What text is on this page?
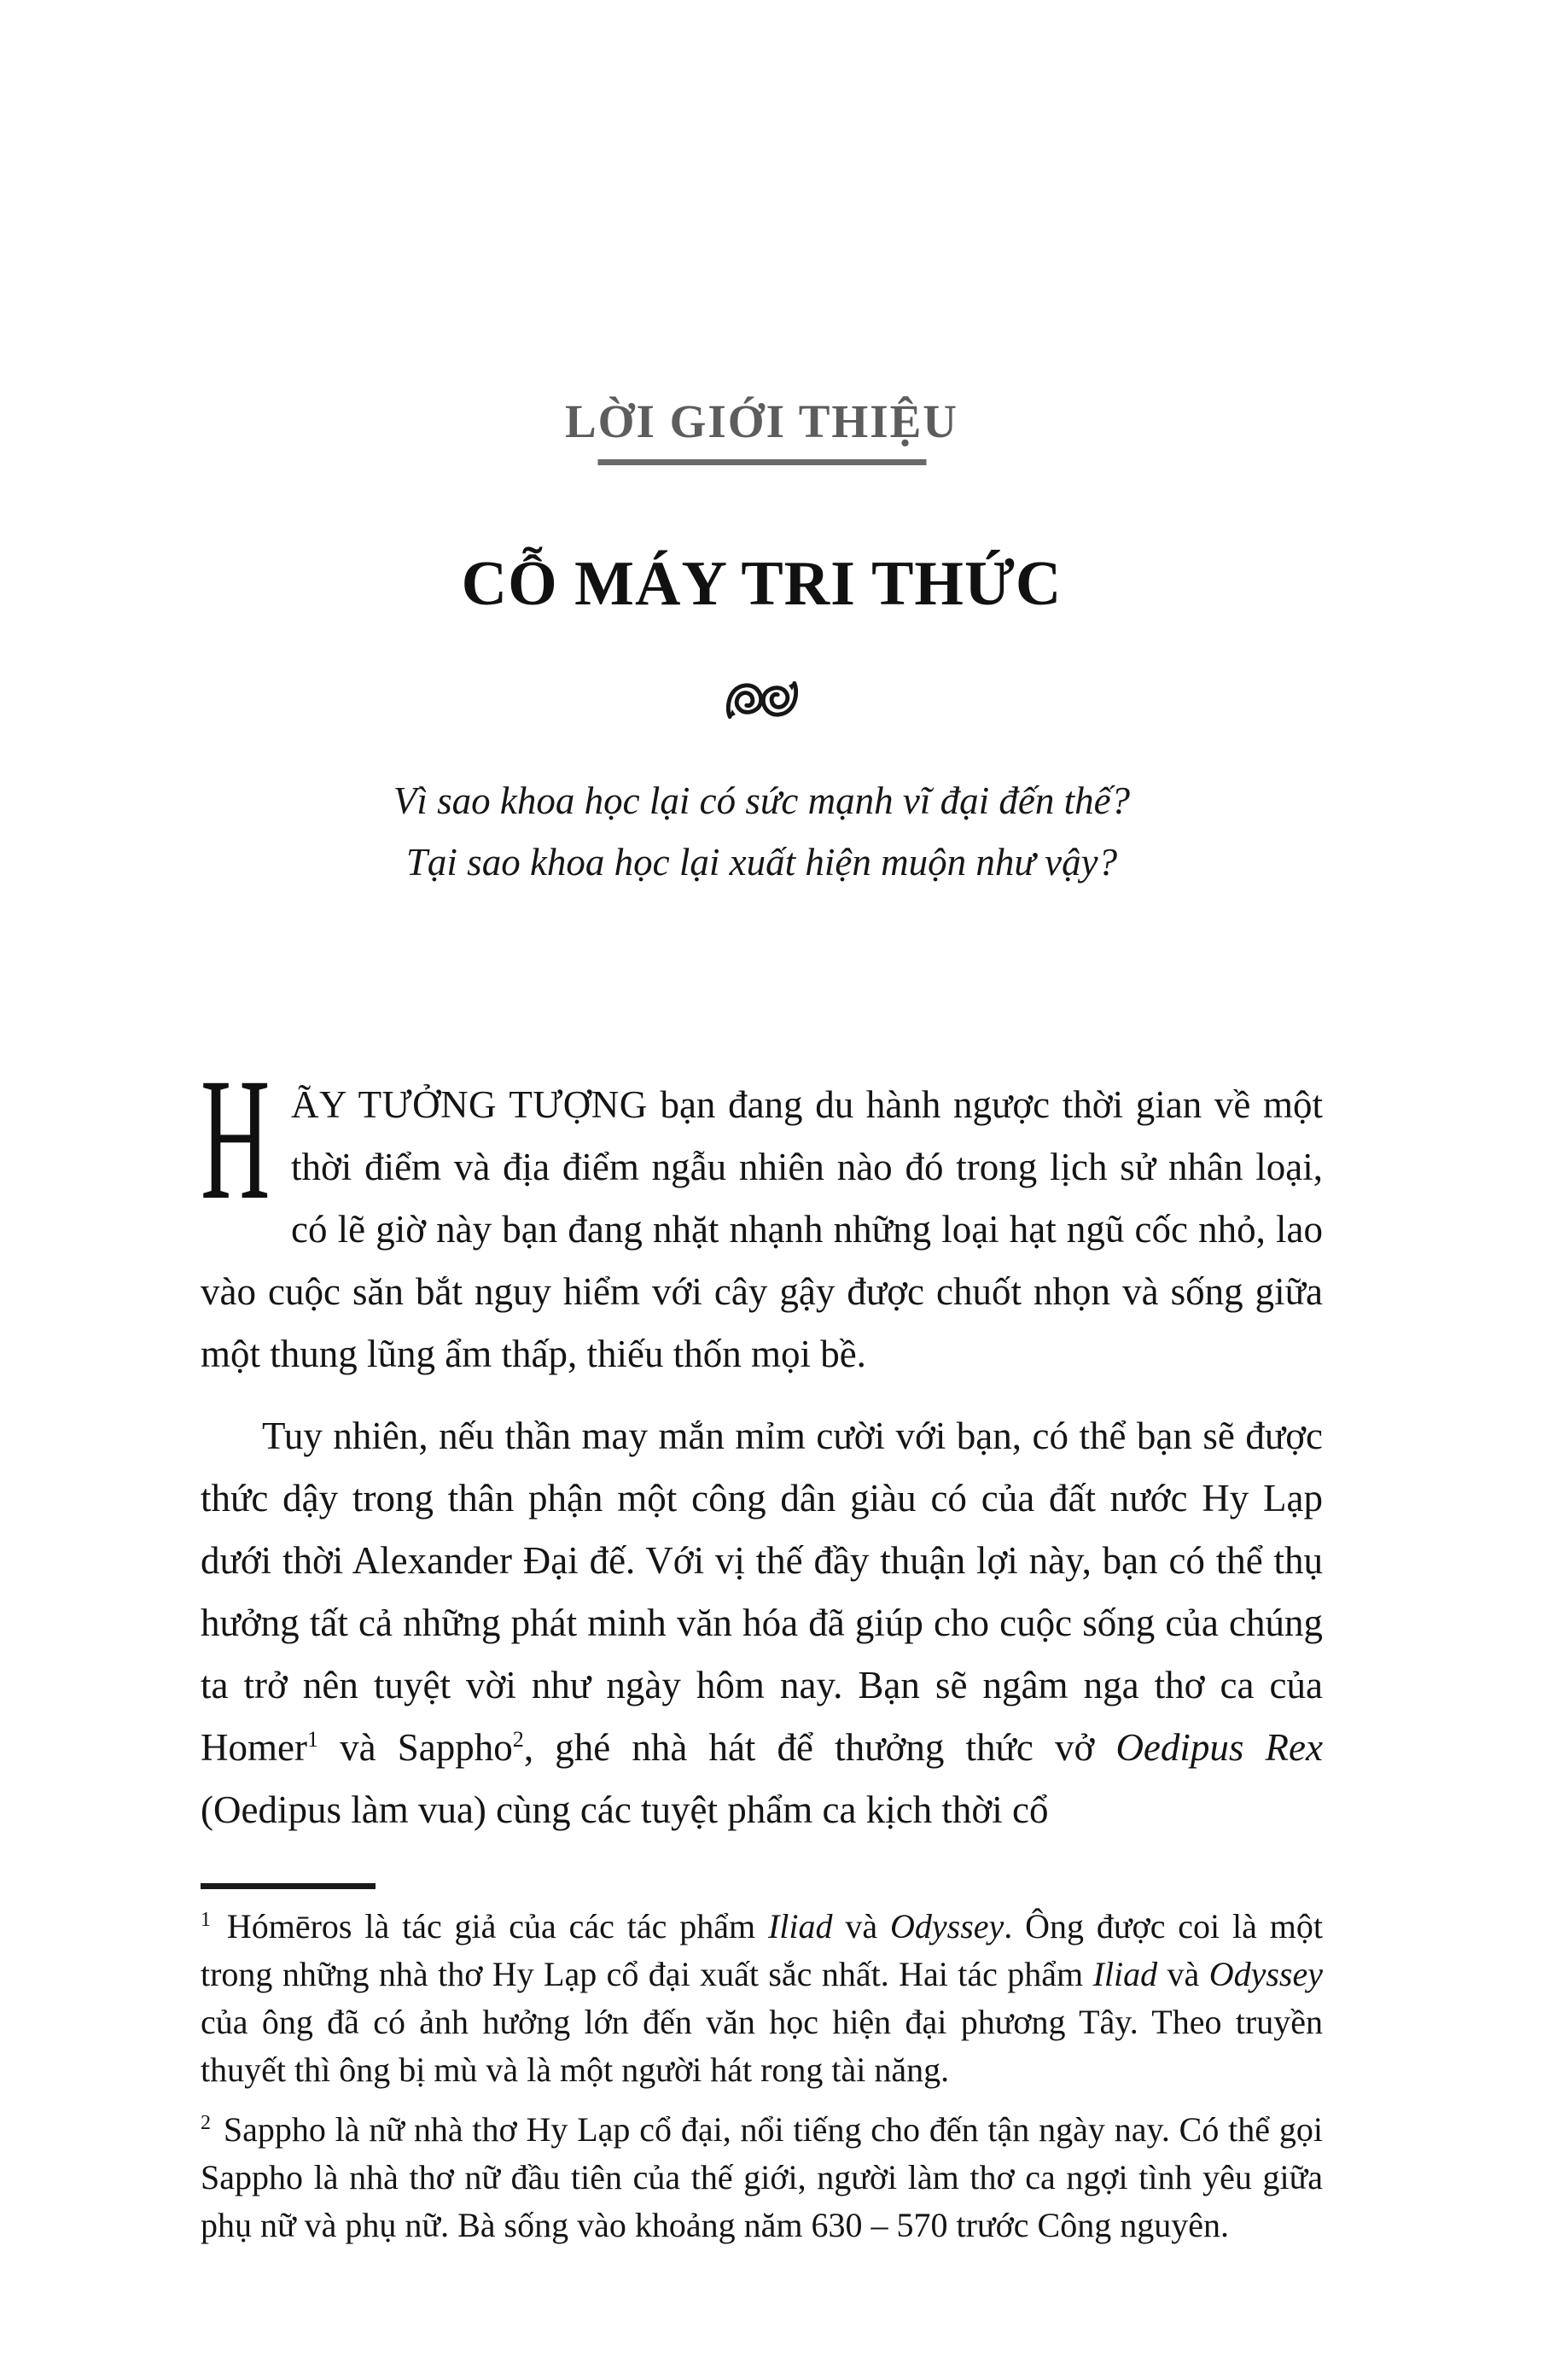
LỜI GIỚI THIỆU
CỖ MÁY TRI THỨC
Vì sao khoa học lại có sức mạnh vĩ đại đến thế?
Tại sao khoa học lại xuất hiện muộn như vậy?

HÃY TƯỞNG TƯỢNG bạn đang du hành ngược thời gian về một thời điểm và địa điểm ngẫu nhiên nào đó trong lịch sử nhân loại, có lẽ giờ này bạn đang nhặt nhạnh những loại hạt ngũ cốc nhỏ, lao vào cuộc săn bắt nguy hiểm với cây gậy được chuốt nhọn và sống giữa một thung lũng ẩm thấp, thiếu thốn mọi bề.

Tuy nhiên, nếu thần may mắn mỉm cười với bạn, có thể bạn sẽ được thức dậy trong thân phận một công dân giàu có của đất nước Hy Lạp dưới thời Alexander Đại đế. Với vị thế đầy thuận lợi này, bạn có thể thụ hưởng tất cả những phát minh văn hóa đã giúp cho cuộc sống của chúng ta trở nên tuyệt vời như ngày hôm nay. Bạn sẽ ngâm nga thơ ca của Homer$^1$ và Sappho$^2$, ghé nhà hát để thưởng thức vở Oedipus Rex (Oedipus làm vua) cùng các tuyệt phẩm ca kịch thời cổ

$^1$ Hómēros là tác giả của các tác phẩm Iliad và Odyssey. Ông được coi là một trong những nhà thơ Hy Lạp cổ đại xuất sắc nhất. Hai tác phẩm Iliad và Odyssey của ông đã có ảnh hưởng lớn đến văn học hiện đại phương Tây. Theo truyền thuyết thì ông bị mù và là một người hát rong tài năng.

$^2$ Sappho là nữ nhà thơ Hy Lạp cổ đại, nổi tiếng cho đến tận ngày nay. Có thể gọi Sappho là nhà thơ nữ đầu tiên của thế giới, người làm thơ ca ngợi tình yêu giữa phụ nữ và phụ nữ. Bà sống vào khoảng năm 630 – 570 trước Công nguyên.
